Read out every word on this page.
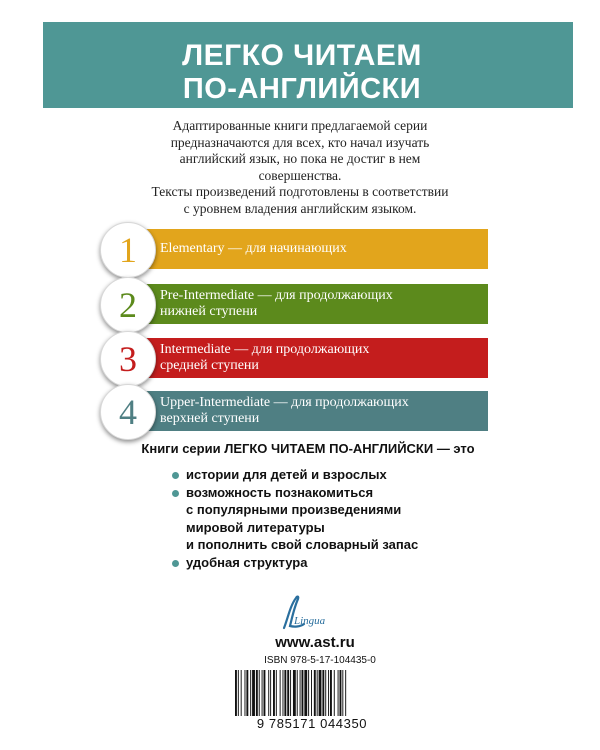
ЛЕГКО ЧИТАЕМ
ПО-АНГЛИЙСКИ
Адаптированные книги предлагаемой серии
предназначаются для всех, кто начал изучать
английский язык, но пока не достиг в нем
совершенства.
Тексты произведений подготовлены в соответствии
с уровнем владения английским языком.
Elementary — для начинающих
1
Pre-Intermediate — для продолжающих
нижней ступени
2
Intermediate — для продолжающих
средней ступени
3
Upper-Intermediate — для продолжающих
верхней ступени
4
Книги серии ЛЕГКО ЧИТАЕМ ПО-АНГЛИЙСКИ — это
истории для детей и взрослых
возможность познакомиться
с популярными произведениями
мировой литературы
и пополнить свой словарный запас
удобная структура
Lingua
www.ast.ru
ISBN 978-5-17-104435-0
9 785171 044350
